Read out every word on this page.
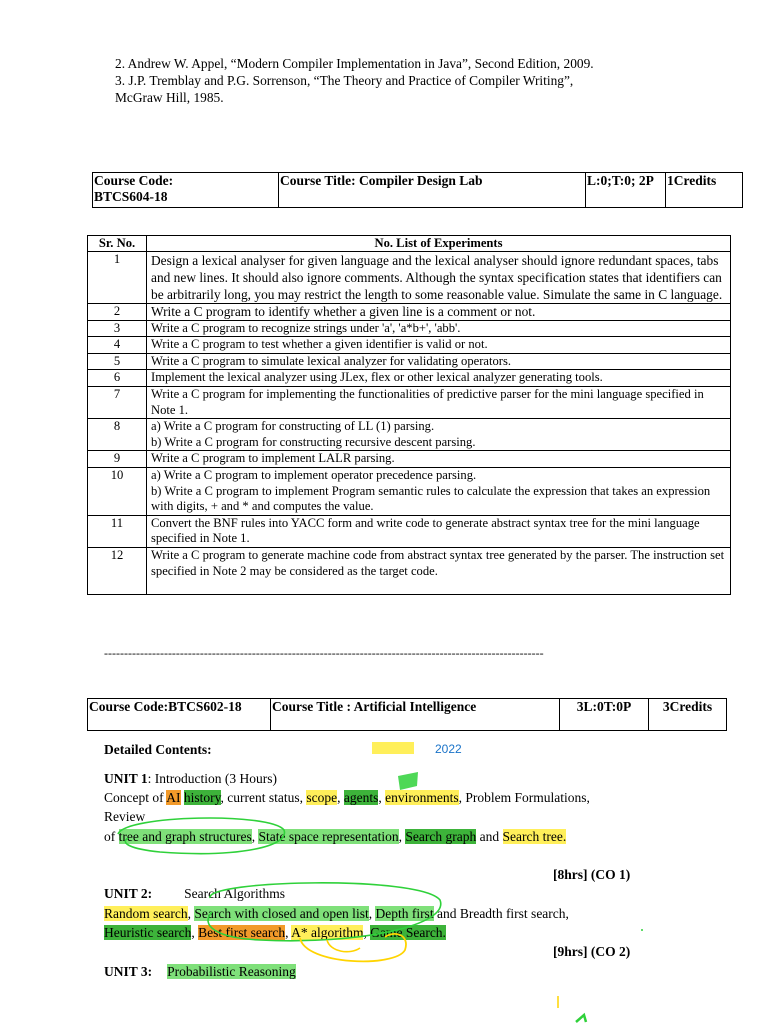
2. Andrew W. Appel, “Modern Compiler Implementation in Java”, Second Edition, 2009.
3. J.P. Tremblay and P.G. Sorrenson, “The Theory and Practice of Compiler Writing”,
McGraw Hill, 1985.
Course Code:
BTCS604-18
	Course Title: Compiler Design Lab	L:0;T:0; 2P	1Credits
Sr. No.	No. List of Experiments
1	Design a lexical analyser for given language and the lexical analyser should ignore redundant spaces, tabs and new lines. It should also ignore comments. Although the syntax specification states that identifiers can be arbitrarily long, you may restrict the length to some reasonable value. Simulate the same in C language.
2	Write a C program to identify whether a given line is a comment or not.
3	Write a C program to recognize strings under 'a', 'a*b+', 'abb'.
4	Write a C program to test whether a given identifier is valid or not.
5	Write a C program to simulate lexical analyzer for validating operators.
6	Implement the lexical analyzer using JLex, flex or other lexical analyzer generating tools.
7	Write a C program for implementing the functionalities of predictive parser for the mini language specified in Note 1.
8	a) Write a C program for constructing of LL (1) parsing.
b) Write a C program for constructing recursive descent parsing.

9	Write a C program to implement LALR parsing.
10	a) Write a C program to implement operator precedence parsing.
b) Write a C program to implement Program semantic rules to calculate the expression that takes an expression with digits, + and * and computes the value.

11	Convert the BNF rules into YACC form and write code to generate abstract syntax tree for the mini language specified in Note 1.
12	Write a C program to generate machine code from abstract syntax tree generated by the parser. The instruction set specified in Note 2 may be considered as the target code.
--------------------------------------------------------------------------------------------------------------
Course Code:BTCS602-18	Course Title : Artificial Intelligence	3L:0T:0P	3Credits
Detailed Contents:	2022
UNIT 1: Introduction (3 Hours)
Concept of AI history, current status, scope, agents, environments, Problem Formulations,
Review
of tree and graph structures, State space representation, Search graph and Search tree.
[8hrs] (CO 1)
UNIT 2: Search Algorithms
Random search, Search with closed and open list, Depth first and Breadth first search,
Heuristic search, Best first search, A* algorithm, Game Search.
[9hrs] (CO 2)
UNIT 3: Probabilistic Reasoning
